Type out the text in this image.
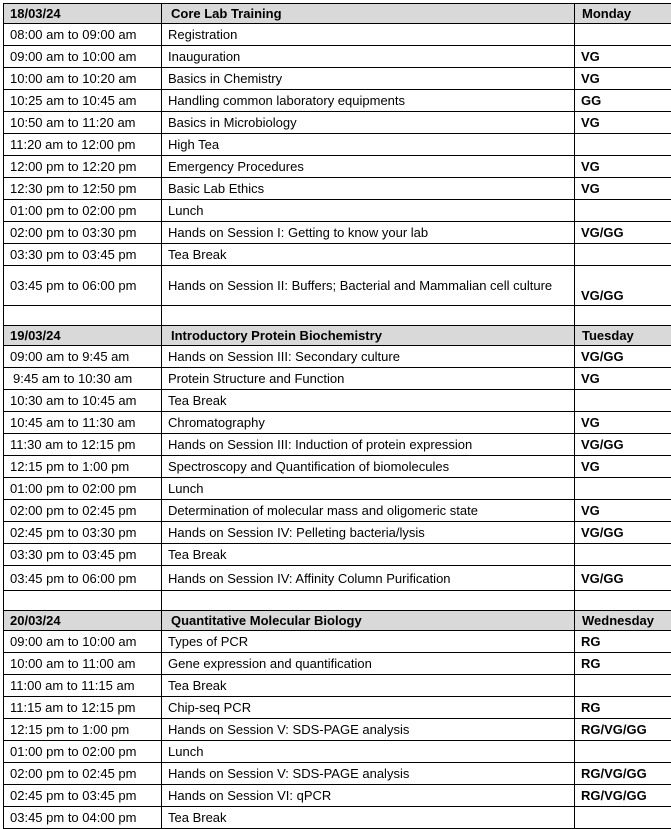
18/03/24	Core Lab Training	Monday
08:00 am to 09:00 am	Registration	
09:00 am to 10:00 am	Inauguration	VG
10:00 am to 10:20 am	Basics in Chemistry	VG
10:25 am to 10:45 am	Handling common laboratory equipments	GG
10:50 am to 11:20 am	Basics in Microbiology	VG
11:20 am to 12:00 pm	High Tea	
12:00 pm to 12:20 pm	Emergency Procedures	VG
12:30 pm to 12:50 pm	Basic Lab Ethics	VG
01:00 pm to 02:00 pm	Lunch	
02:00 pm to 03:30 pm	Hands on Session I: Getting to know your lab	VG/GG
03:30 pm to 03:45 pm	Tea Break	
03:45 pm to 06:00 pm	Hands on Session II: Buffers; Bacterial and Mammalian cell culture	VG/GG

19/03/24	Introductory Protein Biochemistry	Tuesday
09:00 am to 9:45 am	Hands on Session III: Secondary culture	VG/GG
9:45 am to 10:30 am	Protein Structure and Function	VG
10:30 am to 10:45 am	Tea Break	
10:45 am to 11:30 am	Chromatography	VG
11:30 am to 12:15 pm	Hands on Session III: Induction of protein expression	VG/GG
12:15 pm to 1:00 pm	Spectroscopy and Quantification of biomolecules	VG
01:00 pm to 02:00 pm	Lunch	
02:00 pm to 02:45 pm	Determination of molecular mass and oligomeric state	VG
02:45 pm to 03:30 pm	Hands on Session IV: Pelleting bacteria/lysis	VG/GG
03:30 pm to 03:45 pm	Tea Break	
03:45 pm to 06:00 pm	Hands on Session IV: Affinity Column Purification	VG/GG

20/03/24	Quantitative Molecular Biology	Wednesday
09:00 am to 10:00 am	Types of PCR	RG
10:00 am to 11:00 am	Gene expression and quantification	RG
11:00 am to 11:15 am	Tea Break	
11:15 am to 12:15 pm	Chip-seq PCR	RG
12:15 pm to 1:00 pm	Hands on Session V: SDS-PAGE analysis	RG/VG/GG
01:00 pm to 02:00 pm	Lunch	
02:00 pm to 02:45 pm	Hands on Session V: SDS-PAGE analysis	RG/VG/GG
02:45 pm to 03:45 pm	Hands on Session VI: qPCR	RG/VG/GG
03:45 pm to 04:00 pm	Tea Break	
